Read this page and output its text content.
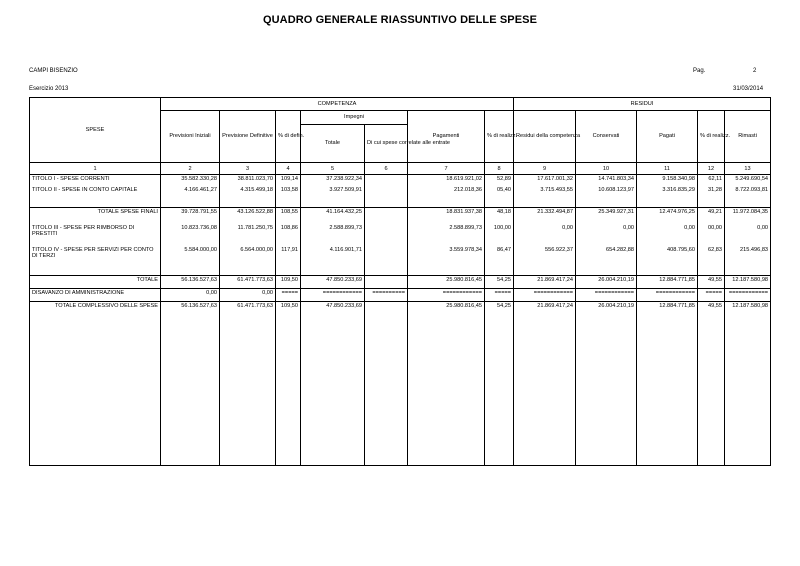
QUADRO GENERALE RIASSUNTIVO DELLE SPESE
CAMPI BISENZIO	Pag.	2
Esercizio 2013	31/03/2014
SPESE	COMPETENZA							RESIDUI				
	Previsioni Iniziali	Previsione Definitive	% di defin.	Impegni		Pagamenti	% di realizz.	Residui della competenza	Conservati	Pagati	% di realizz.	Rimasti
				Totale	Di cui spese correlate alle entrate							
1	2	3	4	5	6	7	8	9	10	11	12	13
TITOLO I - SPESE CORRENTI	35.582.330,28	38.811.023,70	109,14	37.238.922,34		18.619.921,02	52,89	17.617.001,32	14.741.803,34	9.158.340,98	62,11	5.249.690,54
TITOLO II - SPESE IN CONTO CAPITALE	4.166.461,27	4.315.499,18	103,58	3.927.509,91		212.018,36	05,40	3.715.493,55	10.608.123,97	3.316.835,29	31,28	8.722.093,81
TOTALE SPESE FINALI	39.728.791,55	43.126.522,88	108,55	41.164.432,25		18.831.937,38	48,18	21.332.494,87	25.349.927,31	12.474.976,25	49,21	11.972.084,35
TITOLO III - SPESE PER RIMBORSO DI PRESTITI	10.823.736,08	11.781.250,75	108,86	2.588.899,73		2.588.899,73	100,00	0,00	0,00	0,00	00,00	0,00
TITOLO IV - SPESE PER SERVIZI PER CONTO DI TERZI	5.584.000,00	6.564.000,00	117,91	4.116.901,71		3.559.978,34	86,47	556.922,37	654.282,88	408.795,60	62,83	215.496,83
TOTALE	56.136.527,63	61.471.773,63	109,50	47.850.233,69		25.980.816,45	54,25	21.869.417,24	26.004.210,19	12.884.771,85	49,55	12.187.580,98
DISAVANZO DI AMMINISTRAZIONE	0,00	0,00	=====	============	==========	============	=====	============	============	============	=====	============
TOTALE COMPLESSIVO DELLE SPESE	56.136.527,63	61.471.773,63	109,50	47.850.233,69		25.980.816,45	54,25	21.869.417,24	26.004.210,19	12.884.771,85	49,55	12.187.580,98
